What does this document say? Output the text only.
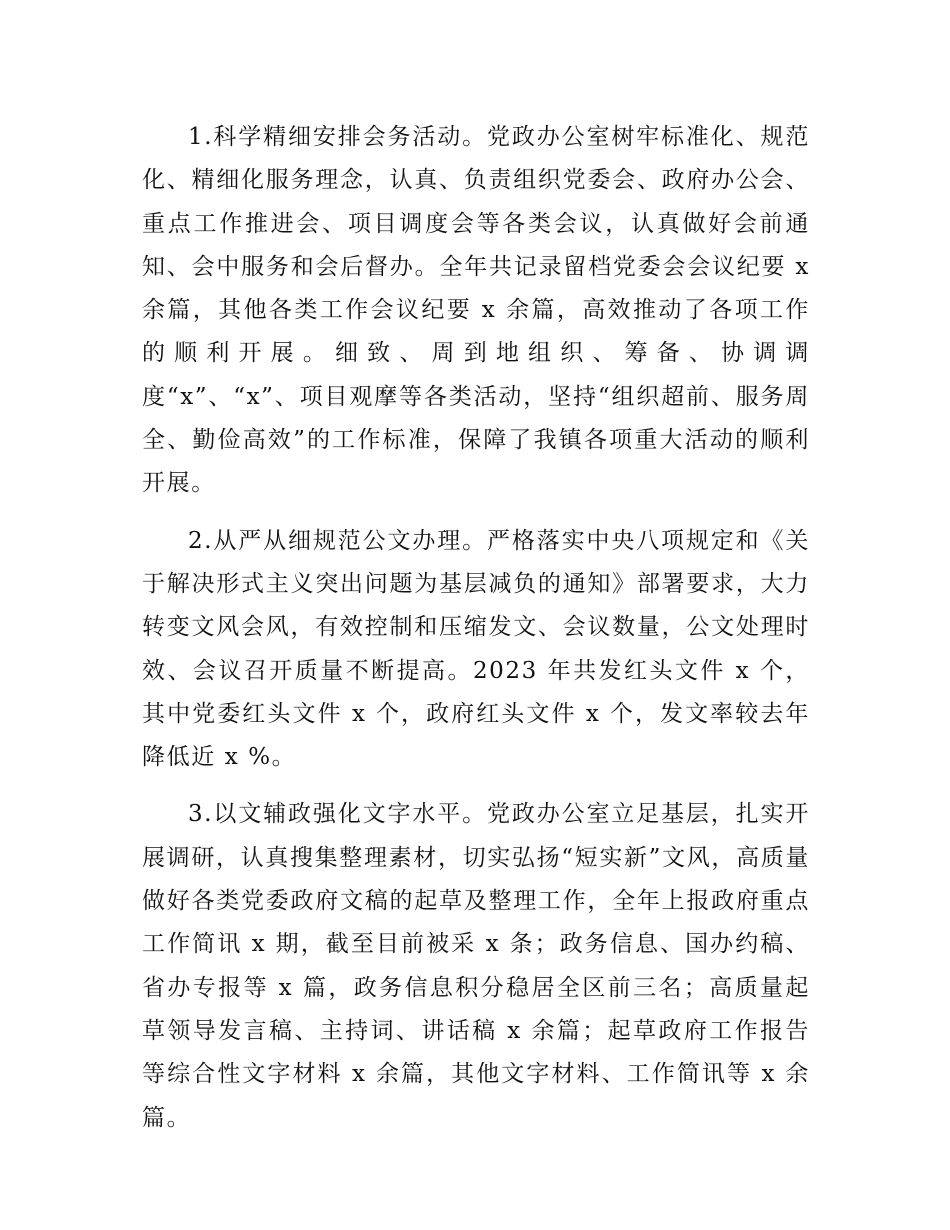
1.科学精细安排会务活动。党政办公室树牢标准化、规范化、精细化服务理念，认真、负责组织党委会、政府办公会、重点工作推进会、项目调度会等各类会议，认真做好会前通知、会中服务和会后督办。全年共记录留档党委会会议纪要 x 余篇，其他各类工作会议纪要 x 余篇，高效推动了各项工作的顺利开展。细致、周到地组织、筹备、协调调度“x”、“x”、项目观摩等各类活动，坚持“组织超前、服务周全、勤俭高效”的工作标准，保障了我镇各项重大活动的顺利开展。

2.从严从细规范公文办理。严格落实中央八项规定和《关于解决形式主义突出问题为基层减负的通知》部署要求，大力转变文风会风，有效控制和压缩发文、会议数量，公文处理时效、会议召开质量不断提高。2023 年共发红头文件 x 个，其中党委红头文件 x 个，政府红头文件 x 个，发文率较去年降低近 x %。

3.以文辅政强化文字水平。党政办公室立足基层，扎实开展调研，认真搜集整理素材，切实弘扬“短实新”文风，高质量做好各类党委政府文稿的起草及整理工作，全年上报政府重点工作简讯 x 期，截至目前被采 x 条；政务信息、国办约稿、省办专报等 x 篇，政务信息积分稳居全区前三名；高质量起草领导发言稿、主持词、讲话稿 x 余篇；起草政府工作报告等综合性文字材料 x 余篇，其他文字材料、工作简讯等 x 余篇。
